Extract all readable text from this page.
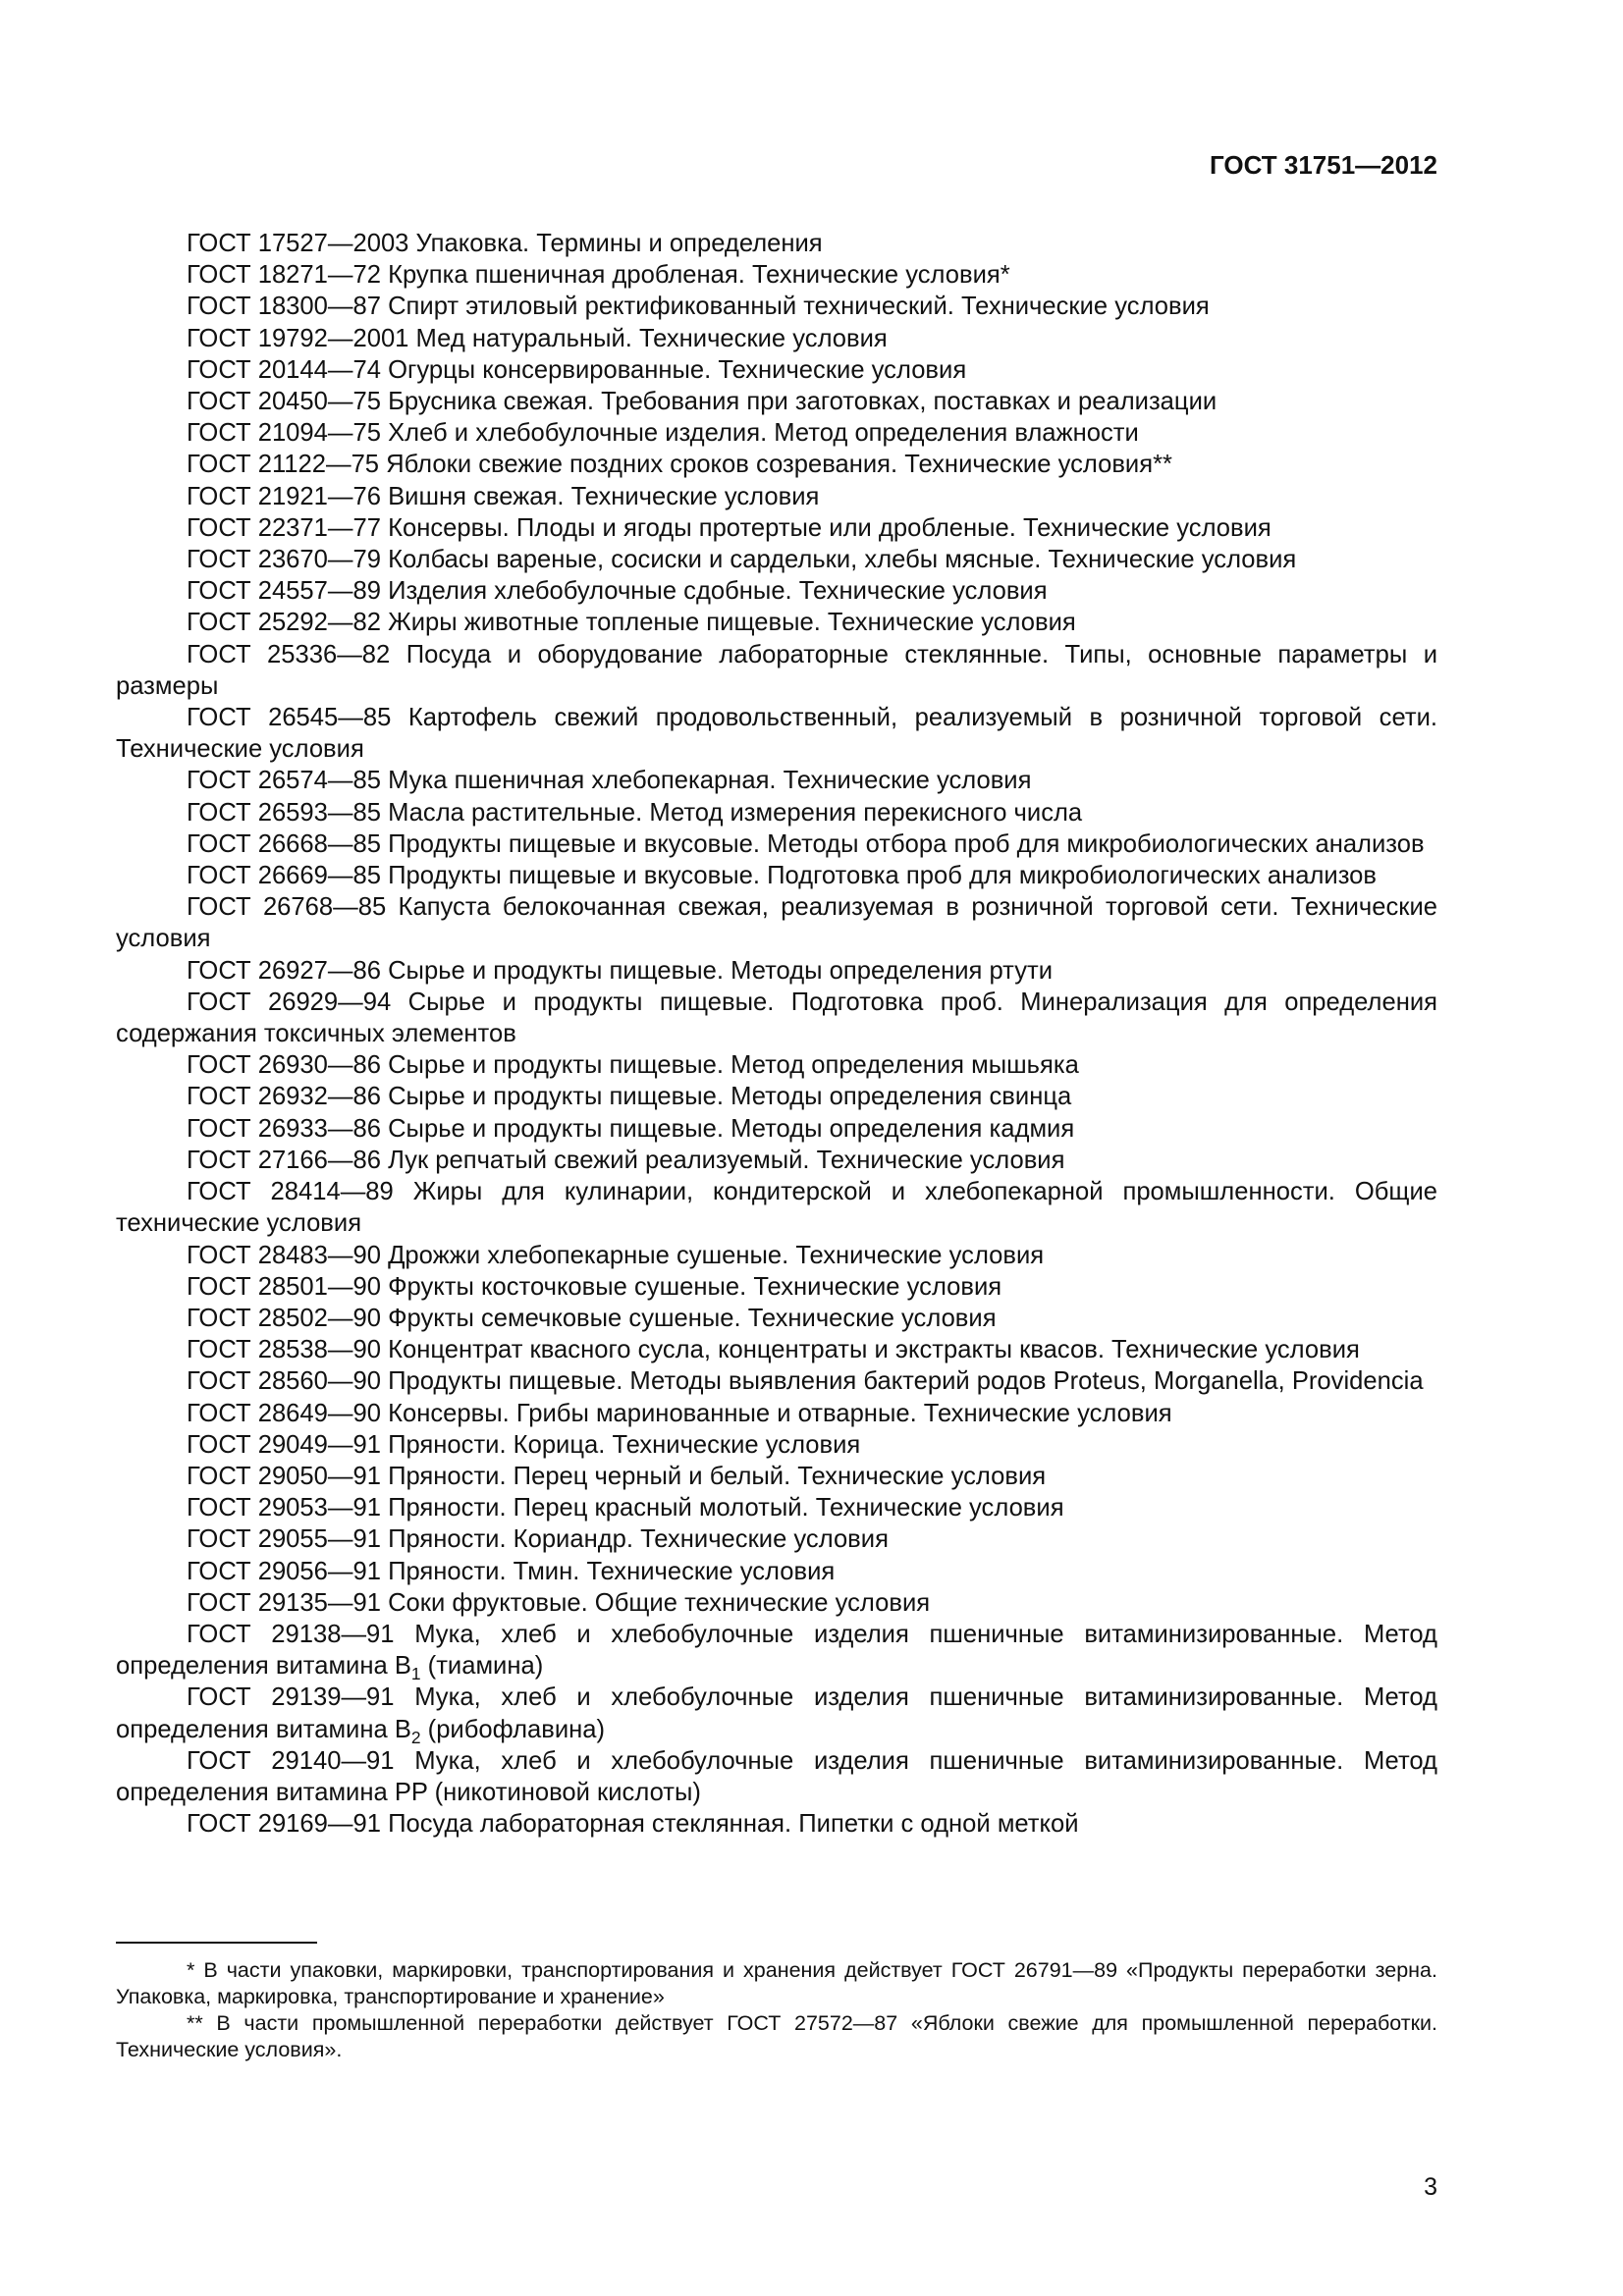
ГОСТ 31751—2012

ГОСТ 17527—2003 Упаковка. Термины и определения

ГОСТ 18271—72 Крупка пшеничная дробленая. Технические условия*

ГОСТ 18300—87 Спирт этиловый ректификованный технический. Технические условия

ГОСТ 19792—2001 Мед натуральный. Технические условия

ГОСТ 20144—74 Огурцы консервированные. Технические условия

ГОСТ 20450—75 Брусника свежая. Требования при заготовках, поставках и реализации

ГОСТ 21094—75 Хлеб и хлебобулочные изделия. Метод определения влажности

ГОСТ 21122—75 Яблоки свежие поздних сроков созревания. Технические условия**

ГОСТ 21921—76 Вишня свежая. Технические условия

ГОСТ 22371—77 Консервы. Плоды и ягоды протертые или дробленые. Технические условия

ГОСТ 23670—79 Колбасы вареные, сосиски и сардельки, хлебы мясные. Технические условия

ГОСТ 24557—89 Изделия хлебобулочные сдобные. Технические условия

ГОСТ 25292—82 Жиры животные топленые пищевые. Технические условия

ГОСТ 25336—82 Посуда и оборудование лабораторные стеклянные. Типы, основные параметры и размеры

ГОСТ 26545—85 Картофель свежий продовольственный, реализуемый в розничной торговой сети. Технические условия

ГОСТ 26574—85 Мука пшеничная хлебопекарная. Технические условия

ГОСТ 26593—85 Масла растительные. Метод измерения перекисного числа

ГОСТ 26668—85 Продукты пищевые и вкусовые. Методы отбора проб для микробиологических анализов

ГОСТ 26669—85 Продукты пищевые и вкусовые. Подготовка проб для микробиологических анализов

ГОСТ 26768—85 Капуста белокочанная свежая, реализуемая в розничной торговой сети. Технические условия

ГОСТ 26927—86 Сырье и продукты пищевые. Методы определения ртути

ГОСТ 26929—94 Сырье и продукты пищевые. Подготовка проб. Минерализация для определения содержания токсичных элементов

ГОСТ 26930—86 Сырье и продукты пищевые. Метод определения мышьяка

ГОСТ 26932—86 Сырье и продукты пищевые. Методы определения свинца

ГОСТ 26933—86 Сырье и продукты пищевые. Методы определения кадмия

ГОСТ 27166—86 Лук репчатый свежий реализуемый. Технические условия

ГОСТ 28414—89 Жиры для кулинарии, кондитерской и хлебопекарной промышленности. Общие технические условия

ГОСТ 28483—90 Дрожжи хлебопекарные сушеные. Технические условия

ГОСТ 28501—90 Фрукты косточковые сушеные. Технические условия

ГОСТ 28502—90 Фрукты семечковые сушеные. Технические условия

ГОСТ 28538—90 Концентрат квасного сусла, концентраты и экстракты квасов. Технические условия

ГОСТ 28560—90 Продукты пищевые. Методы выявления бактерий родов Proteus, Morganella, Providencia

ГОСТ 28649—90 Консервы. Грибы маринованные и отварные. Технические условия

ГОСТ 29049—91 Пряности. Корица. Технические условия

ГОСТ 29050—91 Пряности. Перец черный и белый. Технические условия

ГОСТ 29053—91 Пряности. Перец красный молотый. Технические условия

ГОСТ 29055—91 Пряности. Кориандр. Технические условия

ГОСТ 29056—91 Пряности. Тмин. Технические условия

ГОСТ 29135—91 Соки фруктовые. Общие технические условия

ГОСТ 29138—91 Мука, хлеб и хлебобулочные изделия пшеничные витаминизированные. Метод определения витамина $B_1$ (тиамина)

ГОСТ 29139—91 Мука, хлеб и хлебобулочные изделия пшеничные витаминизированные. Метод определения витамина $B_2$ (рибофлавина)

ГОСТ 29140—91 Мука, хлеб и хлебобулочные изделия пшеничные витаминизированные. Метод определения витамина PP (никотиновой кислоты)

ГОСТ 29169—91 Посуда лабораторная стеклянная. Пипетки с одной меткой

* В части упаковки, маркировки, транспортирования и хранения действует ГОСТ 26791—89 «Продукты переработки зерна. Упаковка, маркировка, транспортирование и хранение»

** В части промышленной переработки действует ГОСТ 27572—87 «Яблоки свежие для промышленной переработки. Технические условия».

3
